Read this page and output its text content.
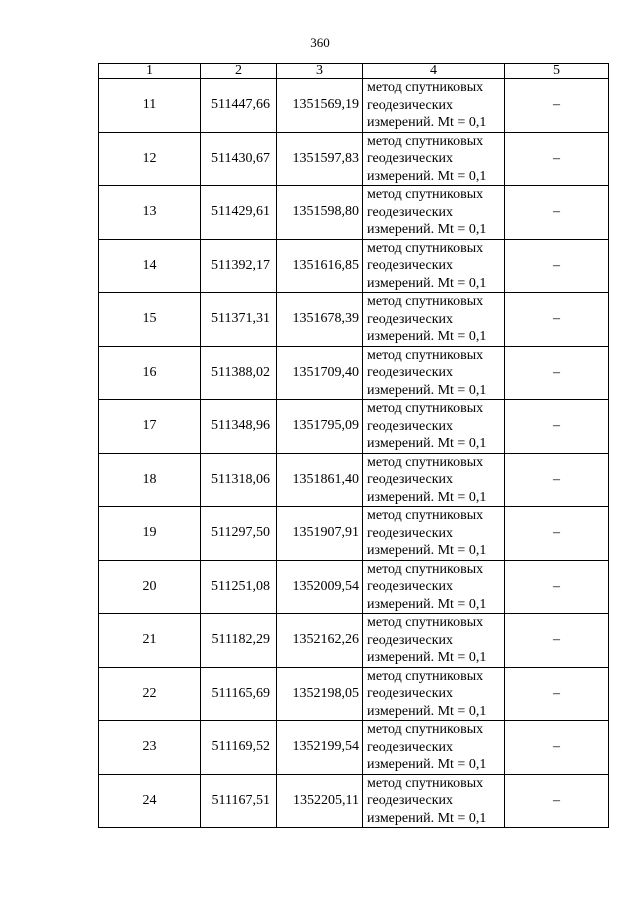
360
1	2	3	4	5
11	511447,66	1351569,19	метод спутниковых
геодезических
измерений. Mt = 0,1	–
12	511430,67	1351597,83	метод спутниковых
геодезических
измерений. Mt = 0,1	–
13	511429,61	1351598,80	метод спутниковых
геодезических
измерений. Mt = 0,1	–
14	511392,17	1351616,85	метод спутниковых
геодезических
измерений. Mt = 0,1	–
15	511371,31	1351678,39	метод спутниковых
геодезических
измерений. Mt = 0,1	–
16	511388,02	1351709,40	метод спутниковых
геодезических
измерений. Mt = 0,1	–
17	511348,96	1351795,09	метод спутниковых
геодезических
измерений. Mt = 0,1	–
18	511318,06	1351861,40	метод спутниковых
геодезических
измерений. Mt = 0,1	–
19	511297,50	1351907,91	метод спутниковых
геодезических
измерений. Mt = 0,1	–
20	511251,08	1352009,54	метод спутниковых
геодезических
измерений. Mt = 0,1	–
21	511182,29	1352162,26	метод спутниковых
геодезических
измерений. Mt = 0,1	–
22	511165,69	1352198,05	метод спутниковых
геодезических
измерений. Mt = 0,1	–
23	511169,52	1352199,54	метод спутниковых
геодезических
измерений. Mt = 0,1	–
24	511167,51	1352205,11	метод спутниковых
геодезических
измерений. Mt = 0,1	–
